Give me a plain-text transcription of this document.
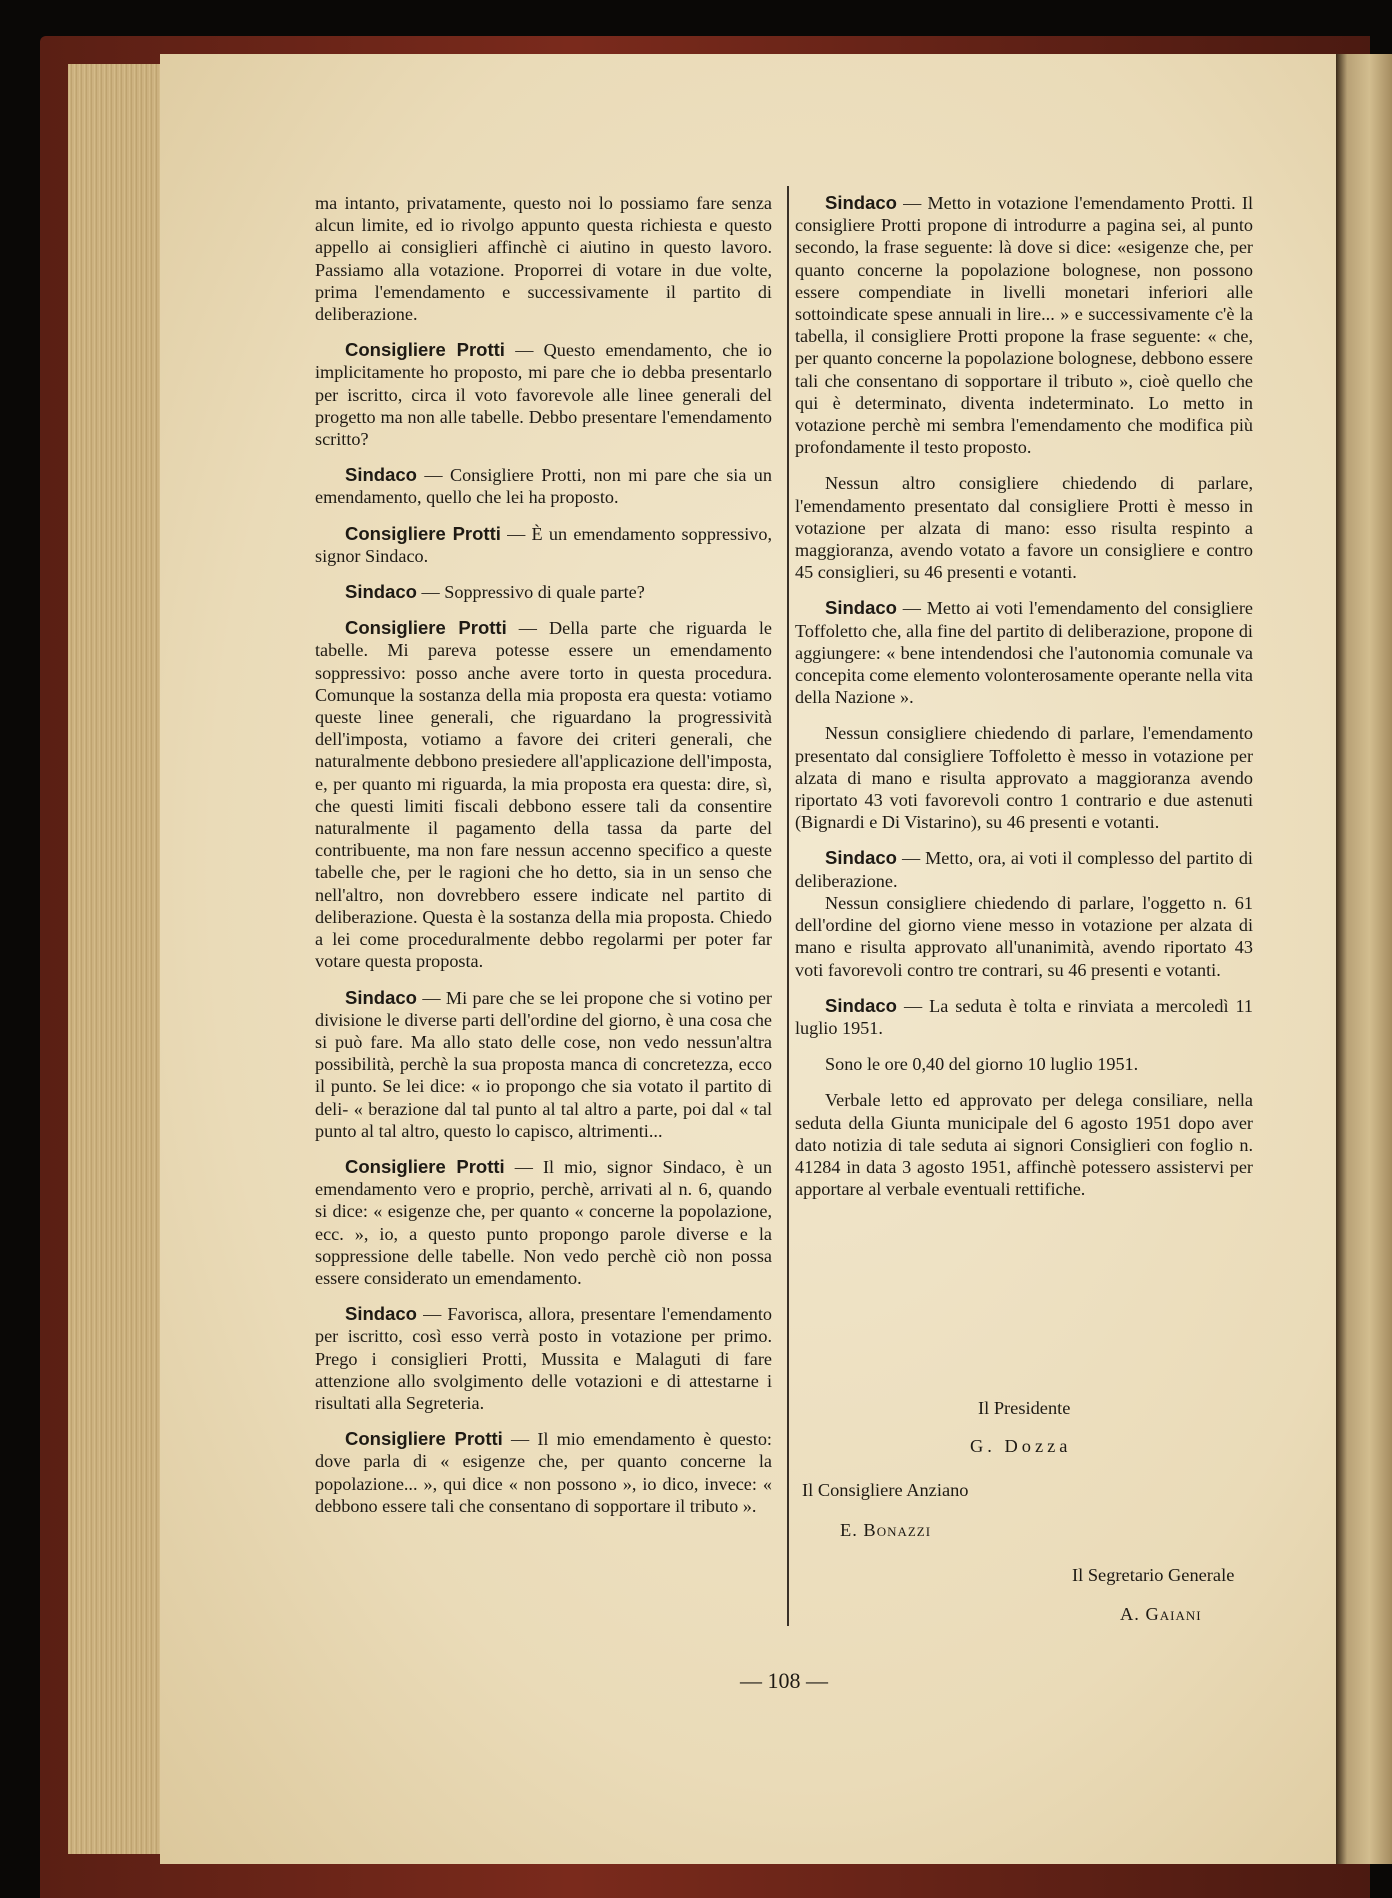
ma intanto, privatamente, questo noi lo possiamo fare senza alcun limite, ed io rivolgo appunto questa richiesta e questo appello ai consiglieri affinchè ci aiutino in questo lavoro. Passiamo alla votazione. Proporrei di votare in due volte, prima l'emendamento e successivamente il partito di deliberazione.

Consigliere Protti — Questo emendamento, che io implicitamente ho proposto, mi pare che io debba presentarlo per iscritto, circa il voto favorevole alle linee generali del progetto ma non alle tabelle. Debbo presentare l'emendamento scritto?

Sindaco — Consigliere Protti, non mi pare che sia un emendamento, quello che lei ha proposto.

Consigliere Protti — È un emendamento soppressivo, signor Sindaco.

Sindaco — Soppressivo di quale parte?

Consigliere Protti — Della parte che riguarda le tabelle. Mi pareva potesse essere un emendamento soppressivo: posso anche avere torto in questa procedura. Comunque la sostanza della mia proposta era questa: votiamo queste linee generali, che riguardano la progressività dell'imposta, votiamo a favore dei criteri generali, che naturalmente debbono presiedere all'applicazione dell'imposta, e, per quanto mi riguarda, la mia proposta era questa: dire, sì, che questi limiti fiscali debbono essere tali da consentire naturalmente il pagamento della tassa da parte del contribuente, ma non fare nessun accenno specifico a queste tabelle che, per le ragioni che ho detto, sia in un senso che nell'altro, non dovrebbero essere indicate nel partito di deliberazione. Questa è la sostanza della mia proposta. Chiedo a lei come proceduralmente debbo regolarmi per poter far votare questa proposta.

Sindaco — Mi pare che se lei propone che si votino per divisione le diverse parti dell'ordine del giorno, è una cosa che si può fare. Ma allo stato delle cose, non vedo nessun'altra possibilità, perchè la sua proposta manca di concretezza, ecco il punto. Se lei dice: « io propongo che sia votato il partito di deli- « berazione dal tal punto al tal altro a parte, poi dal « tal punto al tal altro, questo lo capisco, altrimenti...

Consigliere Protti — Il mio, signor Sindaco, è un emendamento vero e proprio, perchè, arrivati al n. 6, quando si dice: « esigenze che, per quanto « concerne la popolazione, ecc. », io, a questo punto propongo parole diverse e la soppressione delle tabelle. Non vedo perchè ciò non possa essere considerato un emendamento.

Sindaco — Favorisca, allora, presentare l'emendamento per iscritto, così esso verrà posto in votazione per primo. Prego i consiglieri Protti, Mussita e Malaguti di fare attenzione allo svolgimento delle votazioni e di attestarne i risultati alla Segreteria.

Consigliere Protti — Il mio emendamento è questo: dove parla di « esigenze che, per quanto concerne la popolazione... », qui dice « non possono », io dico, invece: « debbono essere tali che consentano di sopportare il tributo ».

Sindaco — Metto in votazione l'emendamento Protti. Il consigliere Protti propone di introdurre a pagina sei, al punto secondo, la frase seguente: là dove si dice: «esigenze che, per quanto concerne la popolazione bolognese, non possono essere compendiate in livelli monetari inferiori alle sottoindicate spese annuali in lire... » e successivamente c'è la tabella, il consigliere Protti propone la frase seguente: « che, per quanto concerne la popolazione bolognese, debbono essere tali che consentano di sopportare il tributo », cioè quello che qui è determinato, diventa indeterminato. Lo metto in votazione perchè mi sembra l'emendamento che modifica più profondamente il testo proposto.

Nessun altro consigliere chiedendo di parlare, l'emendamento presentato dal consigliere Protti è messo in votazione per alzata di mano: esso risulta respinto a maggioranza, avendo votato a favore un consigliere e contro 45 consiglieri, su 46 presenti e votanti.

Sindaco — Metto ai voti l'emendamento del consigliere Toffoletto che, alla fine del partito di deliberazione, propone di aggiungere: « bene intendendosi che l'autonomia comunale va concepita come elemento volonterosamente operante nella vita della Nazione ».

Nessun consigliere chiedendo di parlare, l'emendamento presentato dal consigliere Toffoletto è messo in votazione per alzata di mano e risulta approvato a maggioranza avendo riportato 43 voti favorevoli contro 1 contrario e due astenuti (Bignardi e Di Vistarino), su 46 presenti e votanti.

Sindaco — Metto, ora, ai voti il complesso del partito di deliberazione.

Nessun consigliere chiedendo di parlare, l'oggetto n. 61 dell'ordine del giorno viene messo in votazione per alzata di mano e risulta approvato all'unanimità, avendo riportato 43 voti favorevoli contro tre contrari, su 46 presenti e votanti.

Sindaco — La seduta è tolta e rinviata a mercoledì 11 luglio 1951.

Sono le ore 0,40 del giorno 10 luglio 1951.

Verbale letto ed approvato per delega consiliare, nella seduta della Giunta municipale del 6 agosto 1951 dopo aver dato notizia di tale seduta ai signori Consiglieri con foglio n. 41284 in data 3 agosto 1951, affinchè potessero assistervi per apportare al verbale eventuali rettifiche.

Il Presidente
G. Dozza
Il Consigliere Anziano
E. Bonazzi
Il Segretario Generale
A. Gaiani
— 108 —
